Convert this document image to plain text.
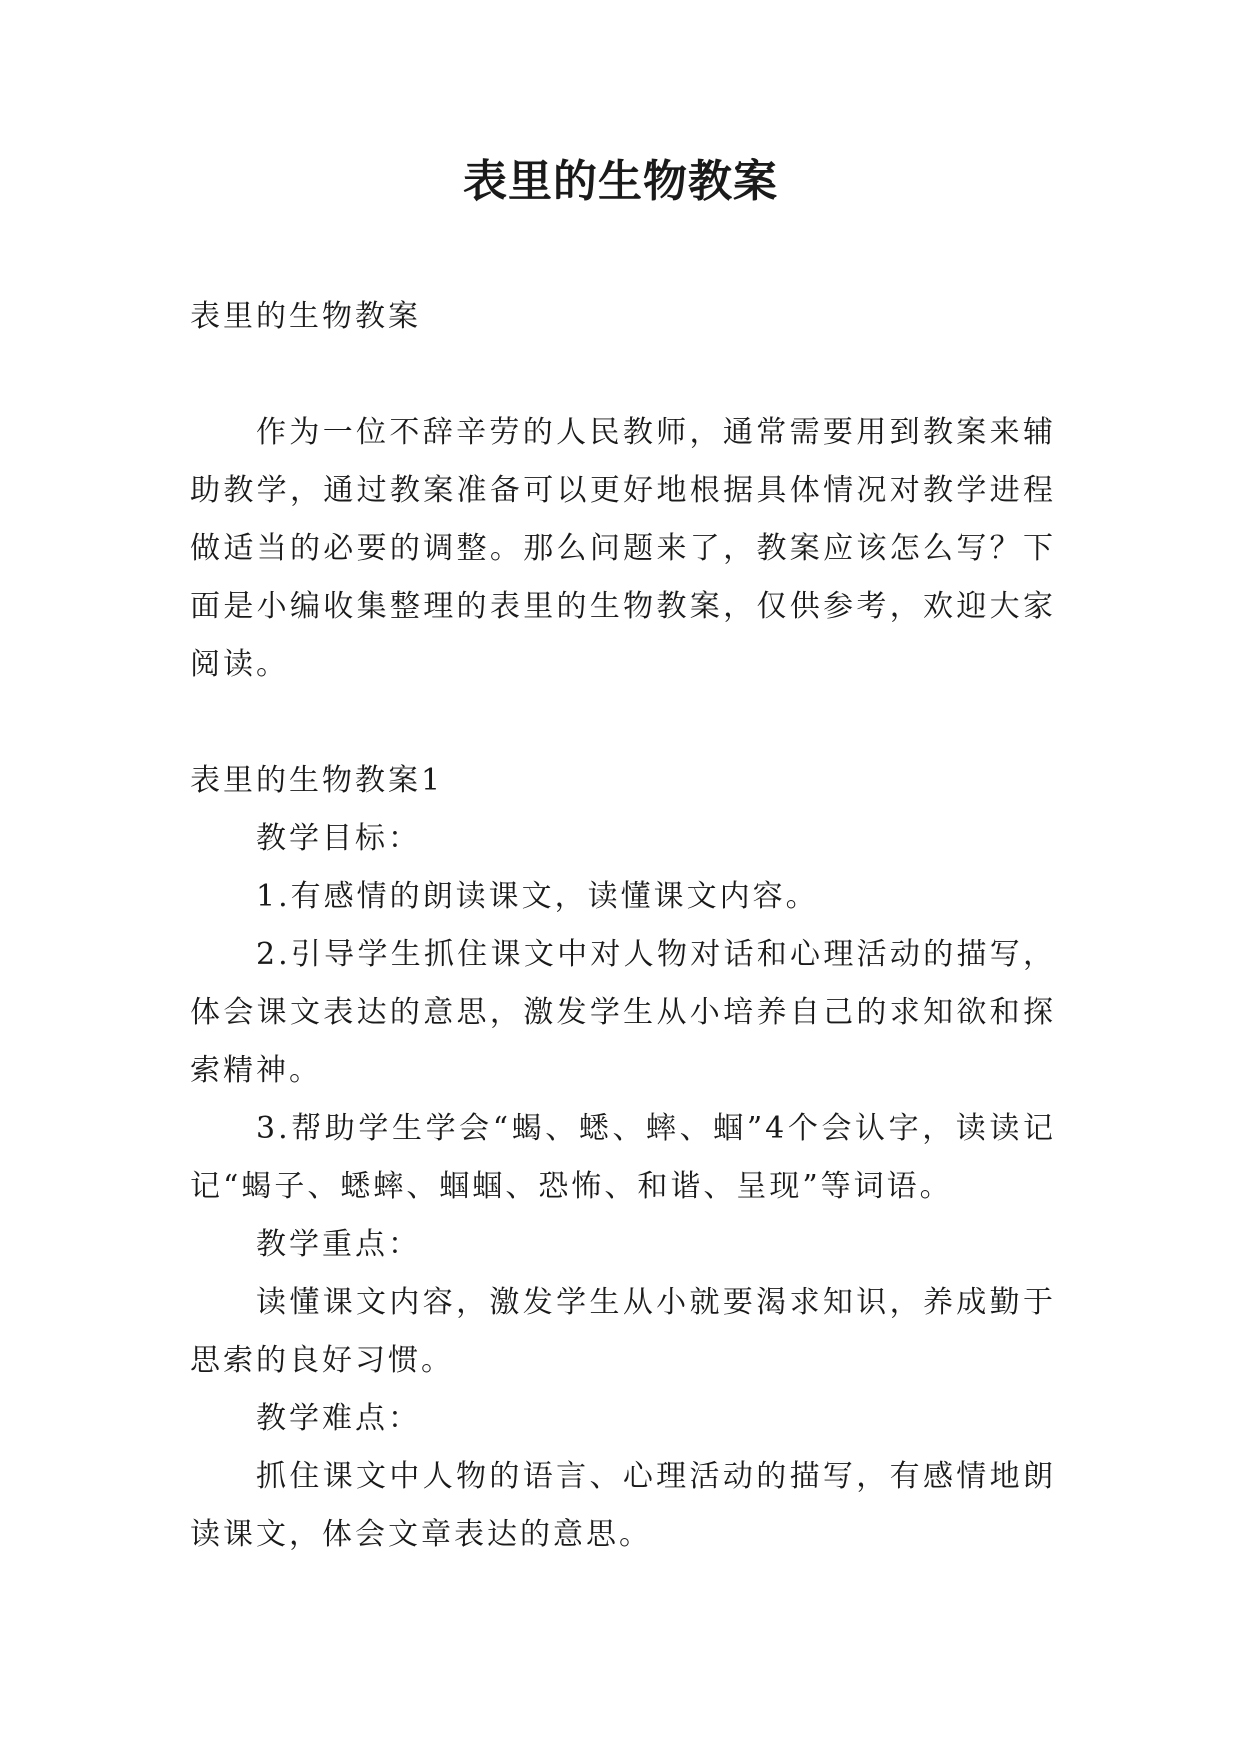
表里的生物教案

表里的生物教案

作为一位不辞辛劳的人民教师，通常需要用到教案来辅助教学，通过教案准备可以更好地根据具体情况对教学进程做适当的必要的调整。那么问题来了，教案应该怎么写？下面是小编收集整理的表里的生物教案，仅供参考，欢迎大家阅读。

表里的生物教案1

教学目标：

1.有感情的朗读课文，读懂课文内容。

2.引导学生抓住课文中对人物对话和心理活动的描写，体会课文表达的意思，激发学生从小培养自己的求知欲和探索精神。

3.帮助学生学会“蝎、蟋、蟀、蝈”4个会认字，读读记记“蝎子、蟋蟀、蝈蝈、恐怖、和谐、呈现”等词语。

教学重点：

读懂课文内容，激发学生从小就要渴求知识，养成勤于思索的良好习惯。

教学难点：

抓住课文中人物的语言、心理活动的描写，有感情地朗读课文，体会文章表达的意思。
